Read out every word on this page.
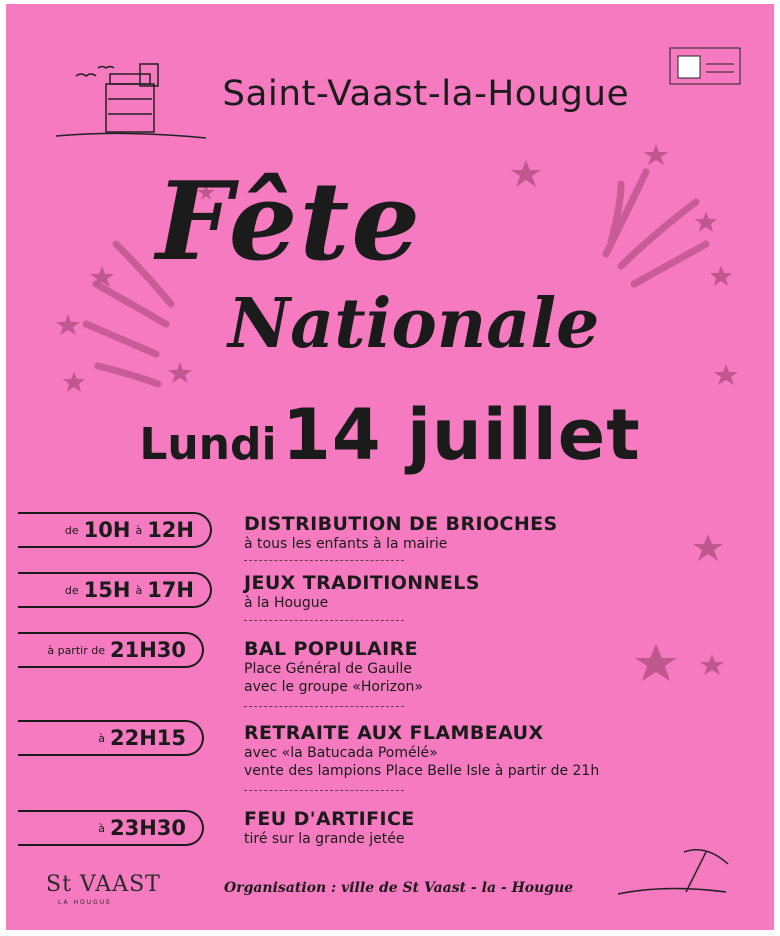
Saint-Vaast-la-Hougue
Fête
Nationale
Lundi 14 juillet
de 10H à 12H	DISTRIBUTION DE BRIOCHES
à tous les enfants à la mairie
de 15H à 17H	JEUX TRADITIONNELS
à la Hougue
à partir de 21H30	BAL POPULAIRE
Place Général de Gaulle
avec le groupe «Horizon»
à 22H15	RETRAITE AUX FLAMBEAUX
avec «la Batucada Pomélé»
vente des lampions Place Belle Isle à partir de 21h
à 23H30	FEU D'ARTIFICE
tiré sur la grande jetée
St VAAST
LA HOUGUE
Organisation : ville de St Vaast - la - Hougue
